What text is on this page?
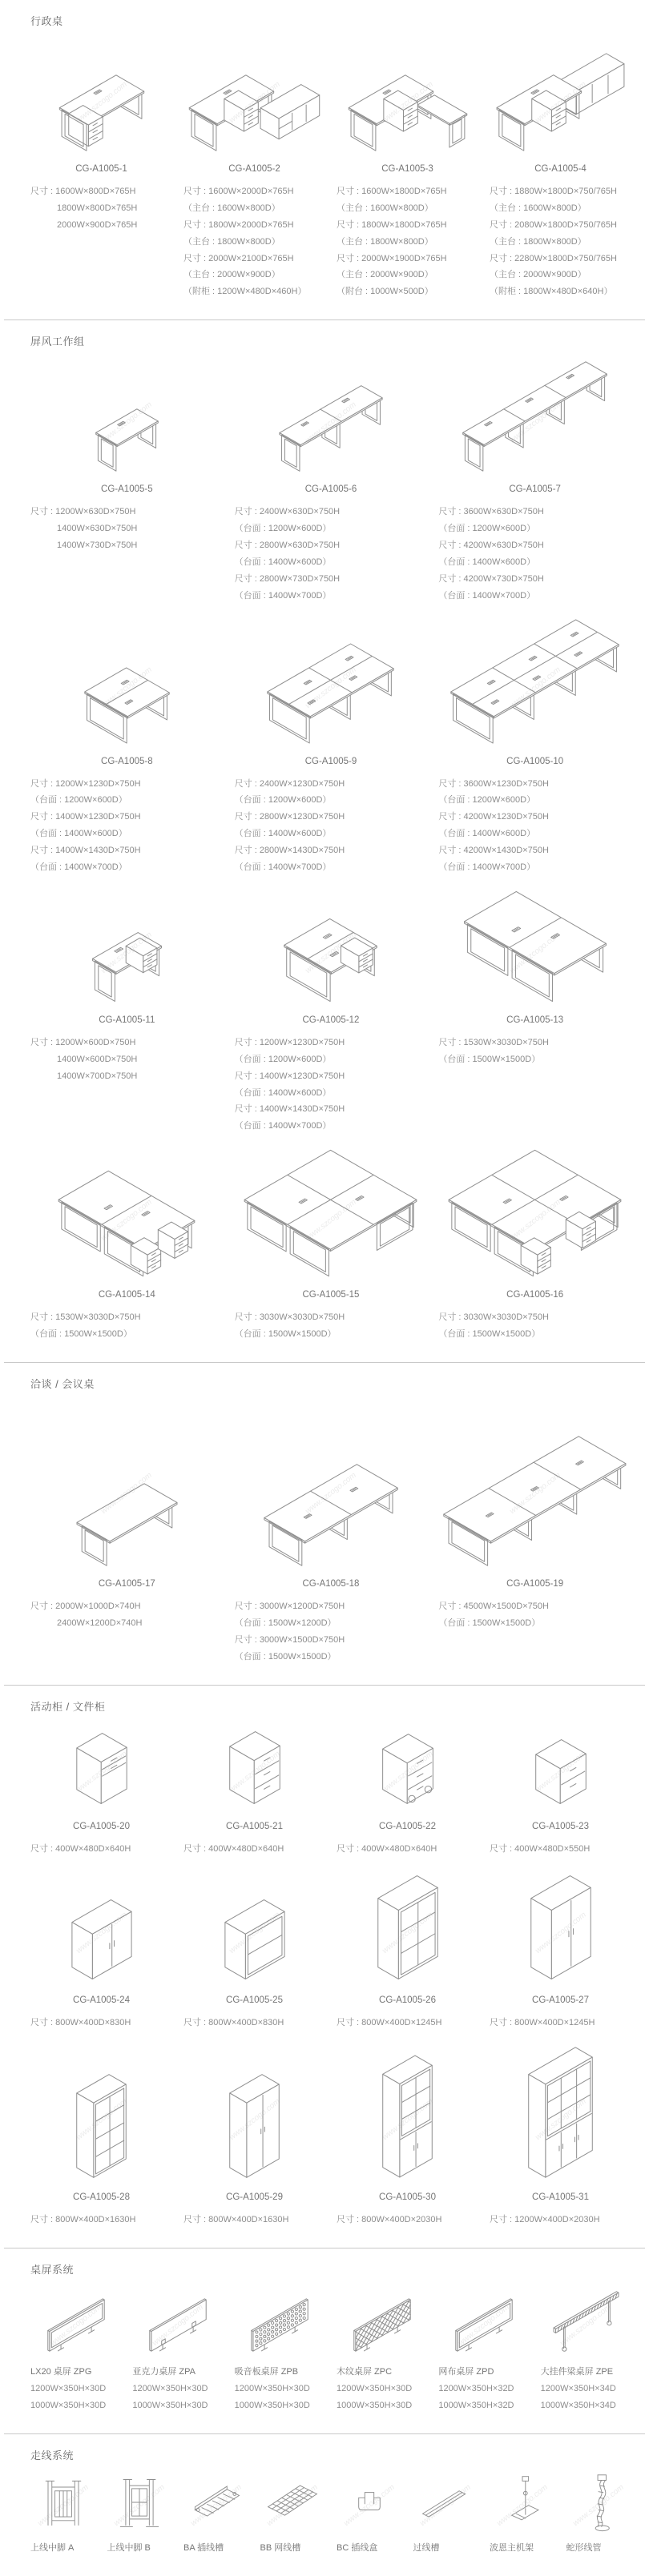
行政桌
CG-A1005-1
尺寸 : 1600W×800D×765H
1800W×800D×765H
2000W×900D×765H
CG-A1005-2
尺寸 : 1600W×2000D×765H
（主台 : 1600W×800D）
尺寸 : 1800W×2000D×765H
（主台 : 1800W×800D）
尺寸 : 2000W×2100D×765H
（主台 : 2000W×900D）
（附柜 : 1200W×480D×460H）
CG-A1005-3
尺寸 : 1600W×1800D×765H
（主台 : 1600W×800D）
尺寸 : 1800W×1800D×765H
（主台 : 1800W×800D）
尺寸 : 2000W×1900D×765H
（主台 : 2000W×900D）
（附台 : 1000W×500D）
CG-A1005-4
尺寸 : 1880W×1800D×750/765H
（主台 : 1600W×800D）
尺寸 : 2080W×1800D×750/765H
（主台 : 1800W×800D）
尺寸 : 2280W×1800D×750/765H
（主台 : 2000W×900D）
（附柜 : 1800W×480D×640H）
屏风工作组
CG-A1005-5
尺寸 : 1200W×630D×750H
1400W×630D×750H
1400W×730D×750H
CG-A1005-6
尺寸 : 2400W×630D×750H
（台面 : 1200W×600D）
尺寸 : 2800W×630D×750H
（台面 : 1400W×600D）
尺寸 : 2800W×730D×750H
（台面 : 1400W×700D）
www.szcogo.com
CG-A1005-7
尺寸 : 3600W×630D×750H
（台面 : 1200W×600D）
尺寸 : 4200W×630D×750H
（台面 : 1400W×600D）
尺寸 : 4200W×730D×750H
（台面 : 1400W×700D）
CG-A1005-8
尺寸 : 1200W×1230D×750H
（台面 : 1200W×600D）
尺寸 : 1400W×1230D×750H
（台面 : 1400W×600D）
尺寸 : 1400W×1430D×750H
（台面 : 1400W×700D）
CG-A1005-9
尺寸 : 2400W×1230D×750H
（台面 : 1200W×600D）
尺寸 : 2800W×1230D×750H
（台面 : 1400W×600D）
尺寸 : 2800W×1430D×750H
（台面 : 1400W×700D）
CG-A1005-10
尺寸 : 3600W×1230D×750H
（台面 : 1200W×600D）
尺寸 : 4200W×1230D×750H
（台面 : 1400W×600D）
尺寸 : 4200W×1430D×750H
（台面 : 1400W×700D）
CG-A1005-11
尺寸 : 1200W×600D×750H
1400W×600D×750H
1400W×700D×750H
CG-A1005-12
尺寸 : 1200W×1230D×750H
（台面 : 1200W×600D）
尺寸 : 1400W×1230D×750H
（台面 : 1400W×600D）
尺寸 : 1400W×1430D×750H
（台面 : 1400W×700D）
CG-A1005-13
尺寸 : 1530W×3030D×750H
（台面 : 1500W×1500D）
CG-A1005-14
尺寸 : 1530W×3030D×750H
（台面 : 1500W×1500D）
CG-A1005-15
尺寸 : 3030W×3030D×750H
（台面 : 1500W×1500D）
CG-A1005-16
尺寸 : 3030W×3030D×750H
（台面 : 1500W×1500D）
洽谈 / 会议桌
CG-A1005-17
尺寸 : 2000W×1000D×740H
2400W×1200D×740H
CG-A1005-18
尺寸 : 3000W×1200D×750H
（台面 : 1500W×1200D）
尺寸 : 3000W×1500D×750H
（台面 : 1500W×1500D）
CG-A1005-19
尺寸 : 4500W×1500D×750H
（台面 : 1500W×1500D）
活动柜 / 文件柜
CG-A1005-20
尺寸 : 400W×480D×640H
CG-A1005-21
尺寸 : 400W×480D×640H
CG-A1005-22
尺寸 : 400W×480D×640H
CG-A1005-23
尺寸 : 400W×480D×550H
CG-A1005-24
尺寸 : 800W×400D×830H
CG-A1005-25
尺寸 : 800W×400D×830H
CG-A1005-26
尺寸 : 800W×400D×1245H
CG-A1005-27
尺寸 : 800W×400D×1245H
CG-A1005-28
尺寸 : 800W×400D×1630H
CG-A1005-29
尺寸 : 800W×400D×1630H
CG-A1005-30
尺寸 : 800W×400D×2030H
CG-A1005-31
尺寸 : 1200W×400D×2030H
桌屏系统
LX20 桌屏 ZPG
1200W×350H×30D
1000W×350H×30D
亚克力桌屏 ZPA
1200W×350H×30D
1000W×350H×30D
吸音板桌屏 ZPB
1200W×350H×30D
1000W×350H×30D
木纹桌屏 ZPC
1200W×350H×30D
1000W×350H×30D
网布桌屏 ZPD
1200W×350H×32D
1000W×350H×32D
www.szcogo.com
大挂件梁桌屏 ZPE
1200W×350H×34D
1000W×350H×34D
走线系统
www.szcogo.com
上线中脚 A
www.szcogo.com
上线中脚 B	BA 插线槽	BB 网线槽	BC 插线盒	过线槽
www.szcogo.com
波恩主机架
www.szcogo.com
蛇形线管
